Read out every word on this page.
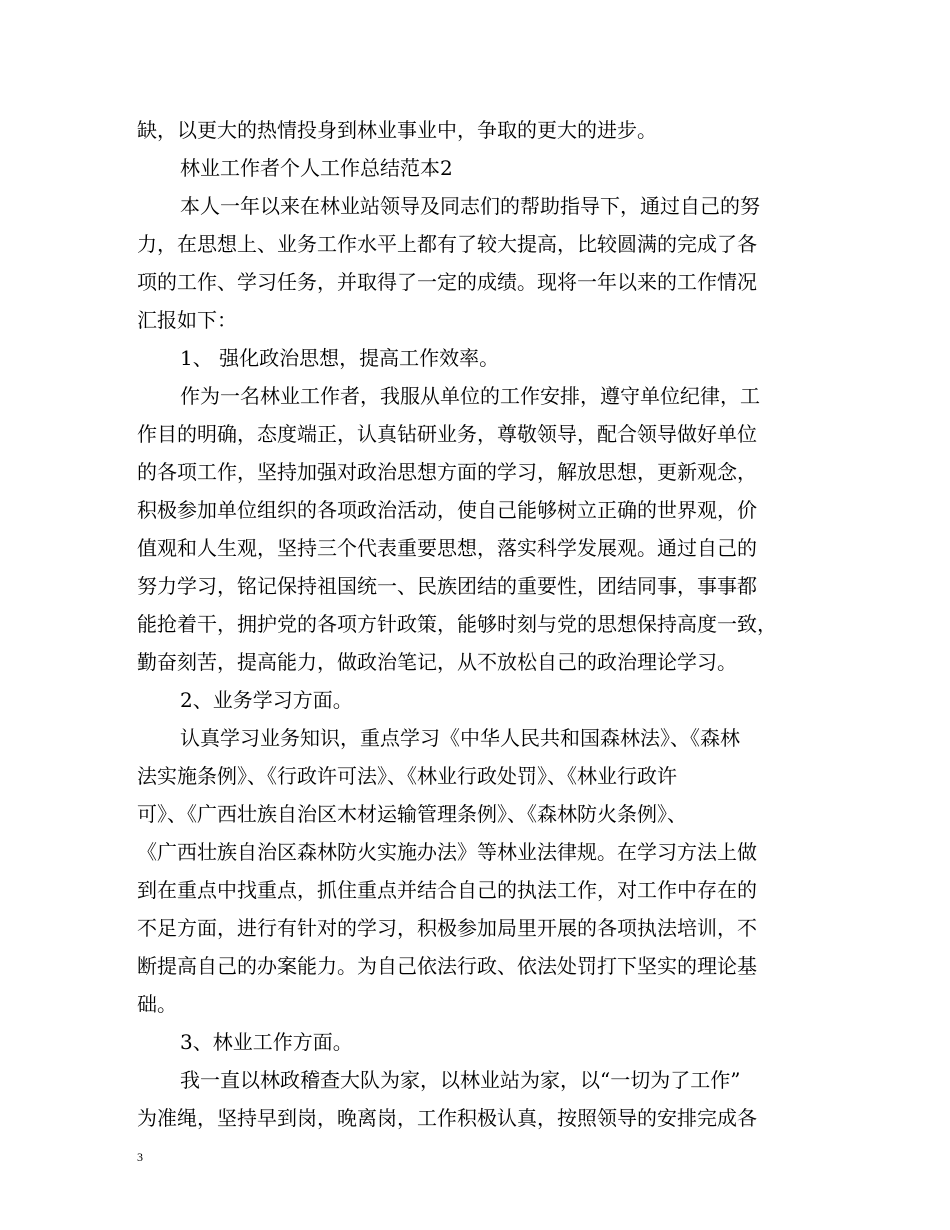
缺，以更大的热情投身到林业事业中，争取的更大的进步。
林业工作者个人工作总结范本2
本人一年以来在林业站领导及同志们的帮助指导下，通过自己的努
力，在思想上、业务工作水平上都有了较大提高，比较圆满的完成了各
项的工作、学习任务，并取得了一定的成绩。现将一年以来的工作情况
汇报如下：
1、 强化政治思想，提高工作效率。
作为一名林业工作者，我服从单位的工作安排，遵守单位纪律，工
作目的明确，态度端正，认真钻研业务，尊敬领导，配合领导做好单位
的各项工作，坚持加强对政治思想方面的学习，解放思想，更新观念，
积极参加单位组织的各项政治活动，使自己能够树立正确的世界观，价
值观和人生观，坚持三个代表重要思想，落实科学发展观。通过自己的
努力学习，铭记保持祖国统一、民族团结的重要性，团结同事，事事都
能抢着干，拥护党的各项方针政策，能够时刻与党的思想保持高度一致，
勤奋刻苦，提高能力，做政治笔记，从不放松自己的政治理论学习。
2、业务学习方面。
认真学习业务知识，重点学习《中华人民共和国森林法》、《森林
法实施条例》、《行政许可法》、《林业行政处罚》、《林业行政许
可》、《广西壮族自治区木材运输管理条例》、《森林防火条例》、
《广西壮族自治区森林防火实施办法》等林业法律规。在学习方法上做
到在重点中找重点，抓住重点并结合自己的执法工作，对工作中存在的
不足方面，进行有针对的学习，积极参加局里开展的各项执法培训，不
断提高自己的办案能力。为自己依法行政、依法处罚打下坚实的理论基
础。
3、林业工作方面。
我一直以林政稽查大队为家，以林业站为家，以“一切为了工作”
为准绳，坚持早到岗，晚离岗，工作积极认真，按照领导的安排完成各
3
